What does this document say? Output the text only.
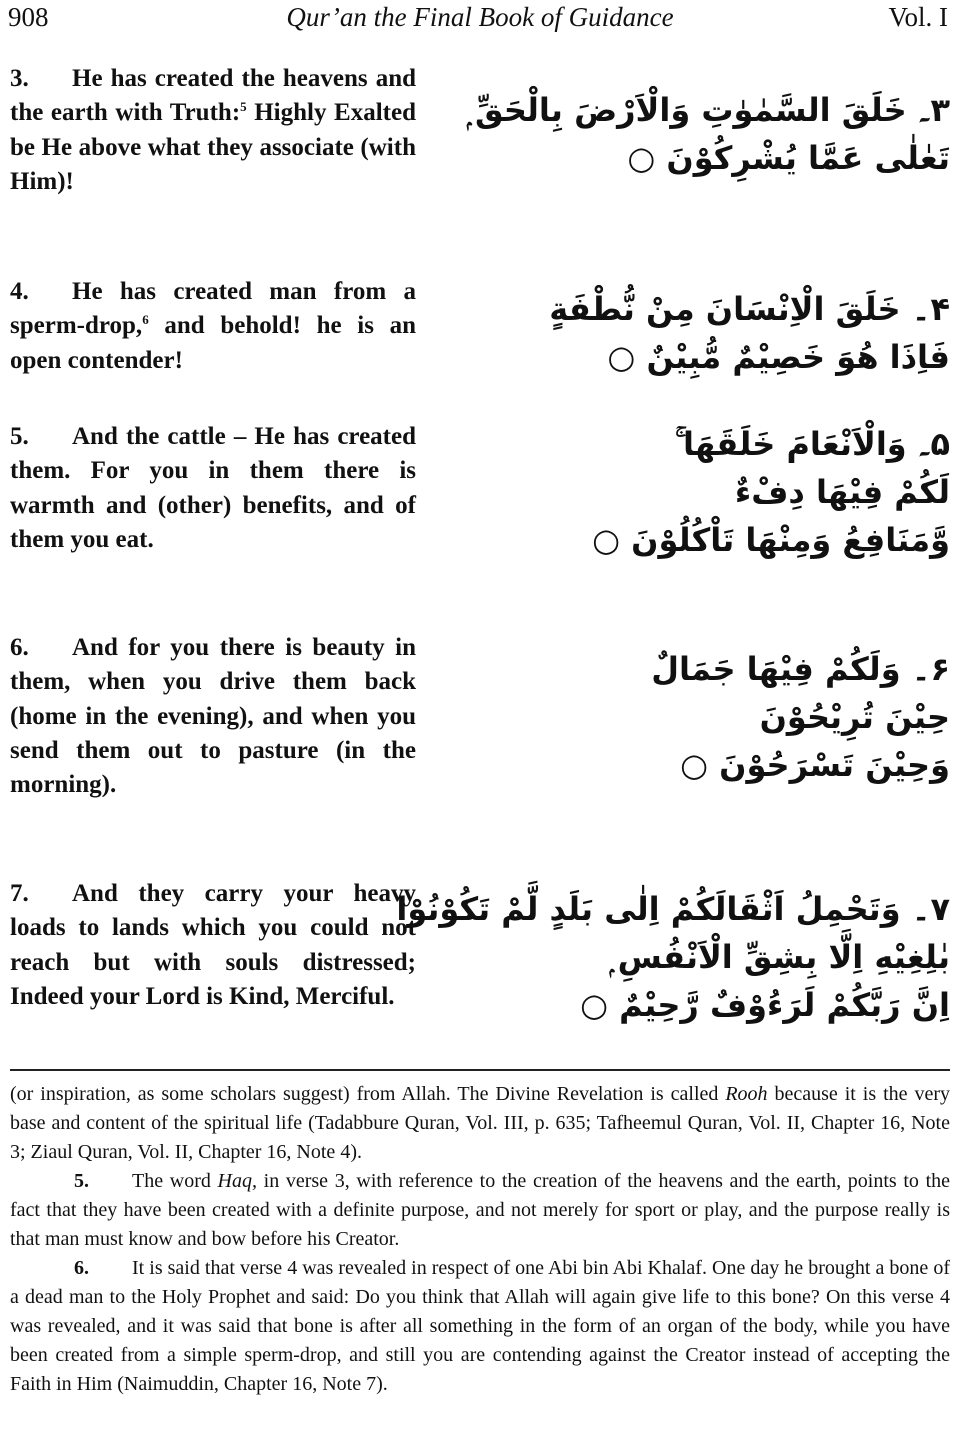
908	Qur’an the Final Book of Guidance	Vol. I

3. He has created the heavens and the earth with Truth:$^5$ Highly Exalted be He above what they associate (with Him)!

۳۔ خَلَقَ السَّمٰوٰتِ وَالْاَرْضَ بِالْحَقِّ ۭ
تَعٰلٰى عَمَّا يُشْرِكُوْنَ ○

4. He has created man from a sperm-drop,$^6$ and behold! he is an open contender!

۴۔ خَلَقَ الْاِنْسَانَ مِنْ نُّطْفَةٍ
فَاِذَا هُوَ خَصِيْمٌ مُّبِيْنٌ ○

5. And the cattle – He has created them. For you in them there is warmth and (other) benefits, and of them you eat.

۵۔ وَالْاَنْعَامَ خَلَقَهَا ۚ
لَكُمْ فِيْهَا دِفْءٌ
وَّمَنَافِعُ وَمِنْهَا تَاْكُلُوْنَ ○

6. And for you there is beauty in them, when you drive them back (home in the evening), and when you send them out to pasture (in the morning).

۶۔ وَلَكُمْ فِيْهَا جَمَالٌ
حِيْنَ تُرِيْحُوْنَ
وَحِيْنَ تَسْرَحُوْنَ ○

7. And they carry your heavy loads to lands which you could not reach but with souls distressed; Indeed your Lord is Kind, Merciful.

۷۔ وَتَحْمِلُ اَثْقَالَكُمْ اِلٰى بَلَدٍ لَّمْ تَكُوْنُوْا
بٰلِغِيْهِ اِلَّا بِشِقِّ الْاَنْفُسِ ۭ
اِنَّ رَبَّكُمْ لَرَءُوْفٌ رَّحِيْمٌ ○

(or inspiration, as some scholars suggest) from Allah. The Divine Revelation is called Rooh because it is the very base and content of the spiritual life (Tadabbure Quran, Vol. III, p. 635; Tafheemul Quran, Vol. II, Chapter 16, Note 3; Ziaul Quran, Vol. II, Chapter 16, Note 4).

5. The word Haq, in verse 3, with reference to the creation of the heavens and the earth, points to the fact that they have been created with a definite purpose, and not merely for sport or play, and the purpose really is that man must know and bow before his Creator.

6. It is said that verse 4 was revealed in respect of one Abi bin Abi Khalaf. One day he brought a bone of a dead man to the Holy Prophet and said: Do you think that Allah will again give life to this bone? On this verse 4 was revealed, and it was said that bone is after all something in the form of an organ of the body, while you have been created from a simple sperm-drop, and still you are contending against the Creator instead of accepting the Faith in Him (Naimuddin, Chapter 16, Note 7).
